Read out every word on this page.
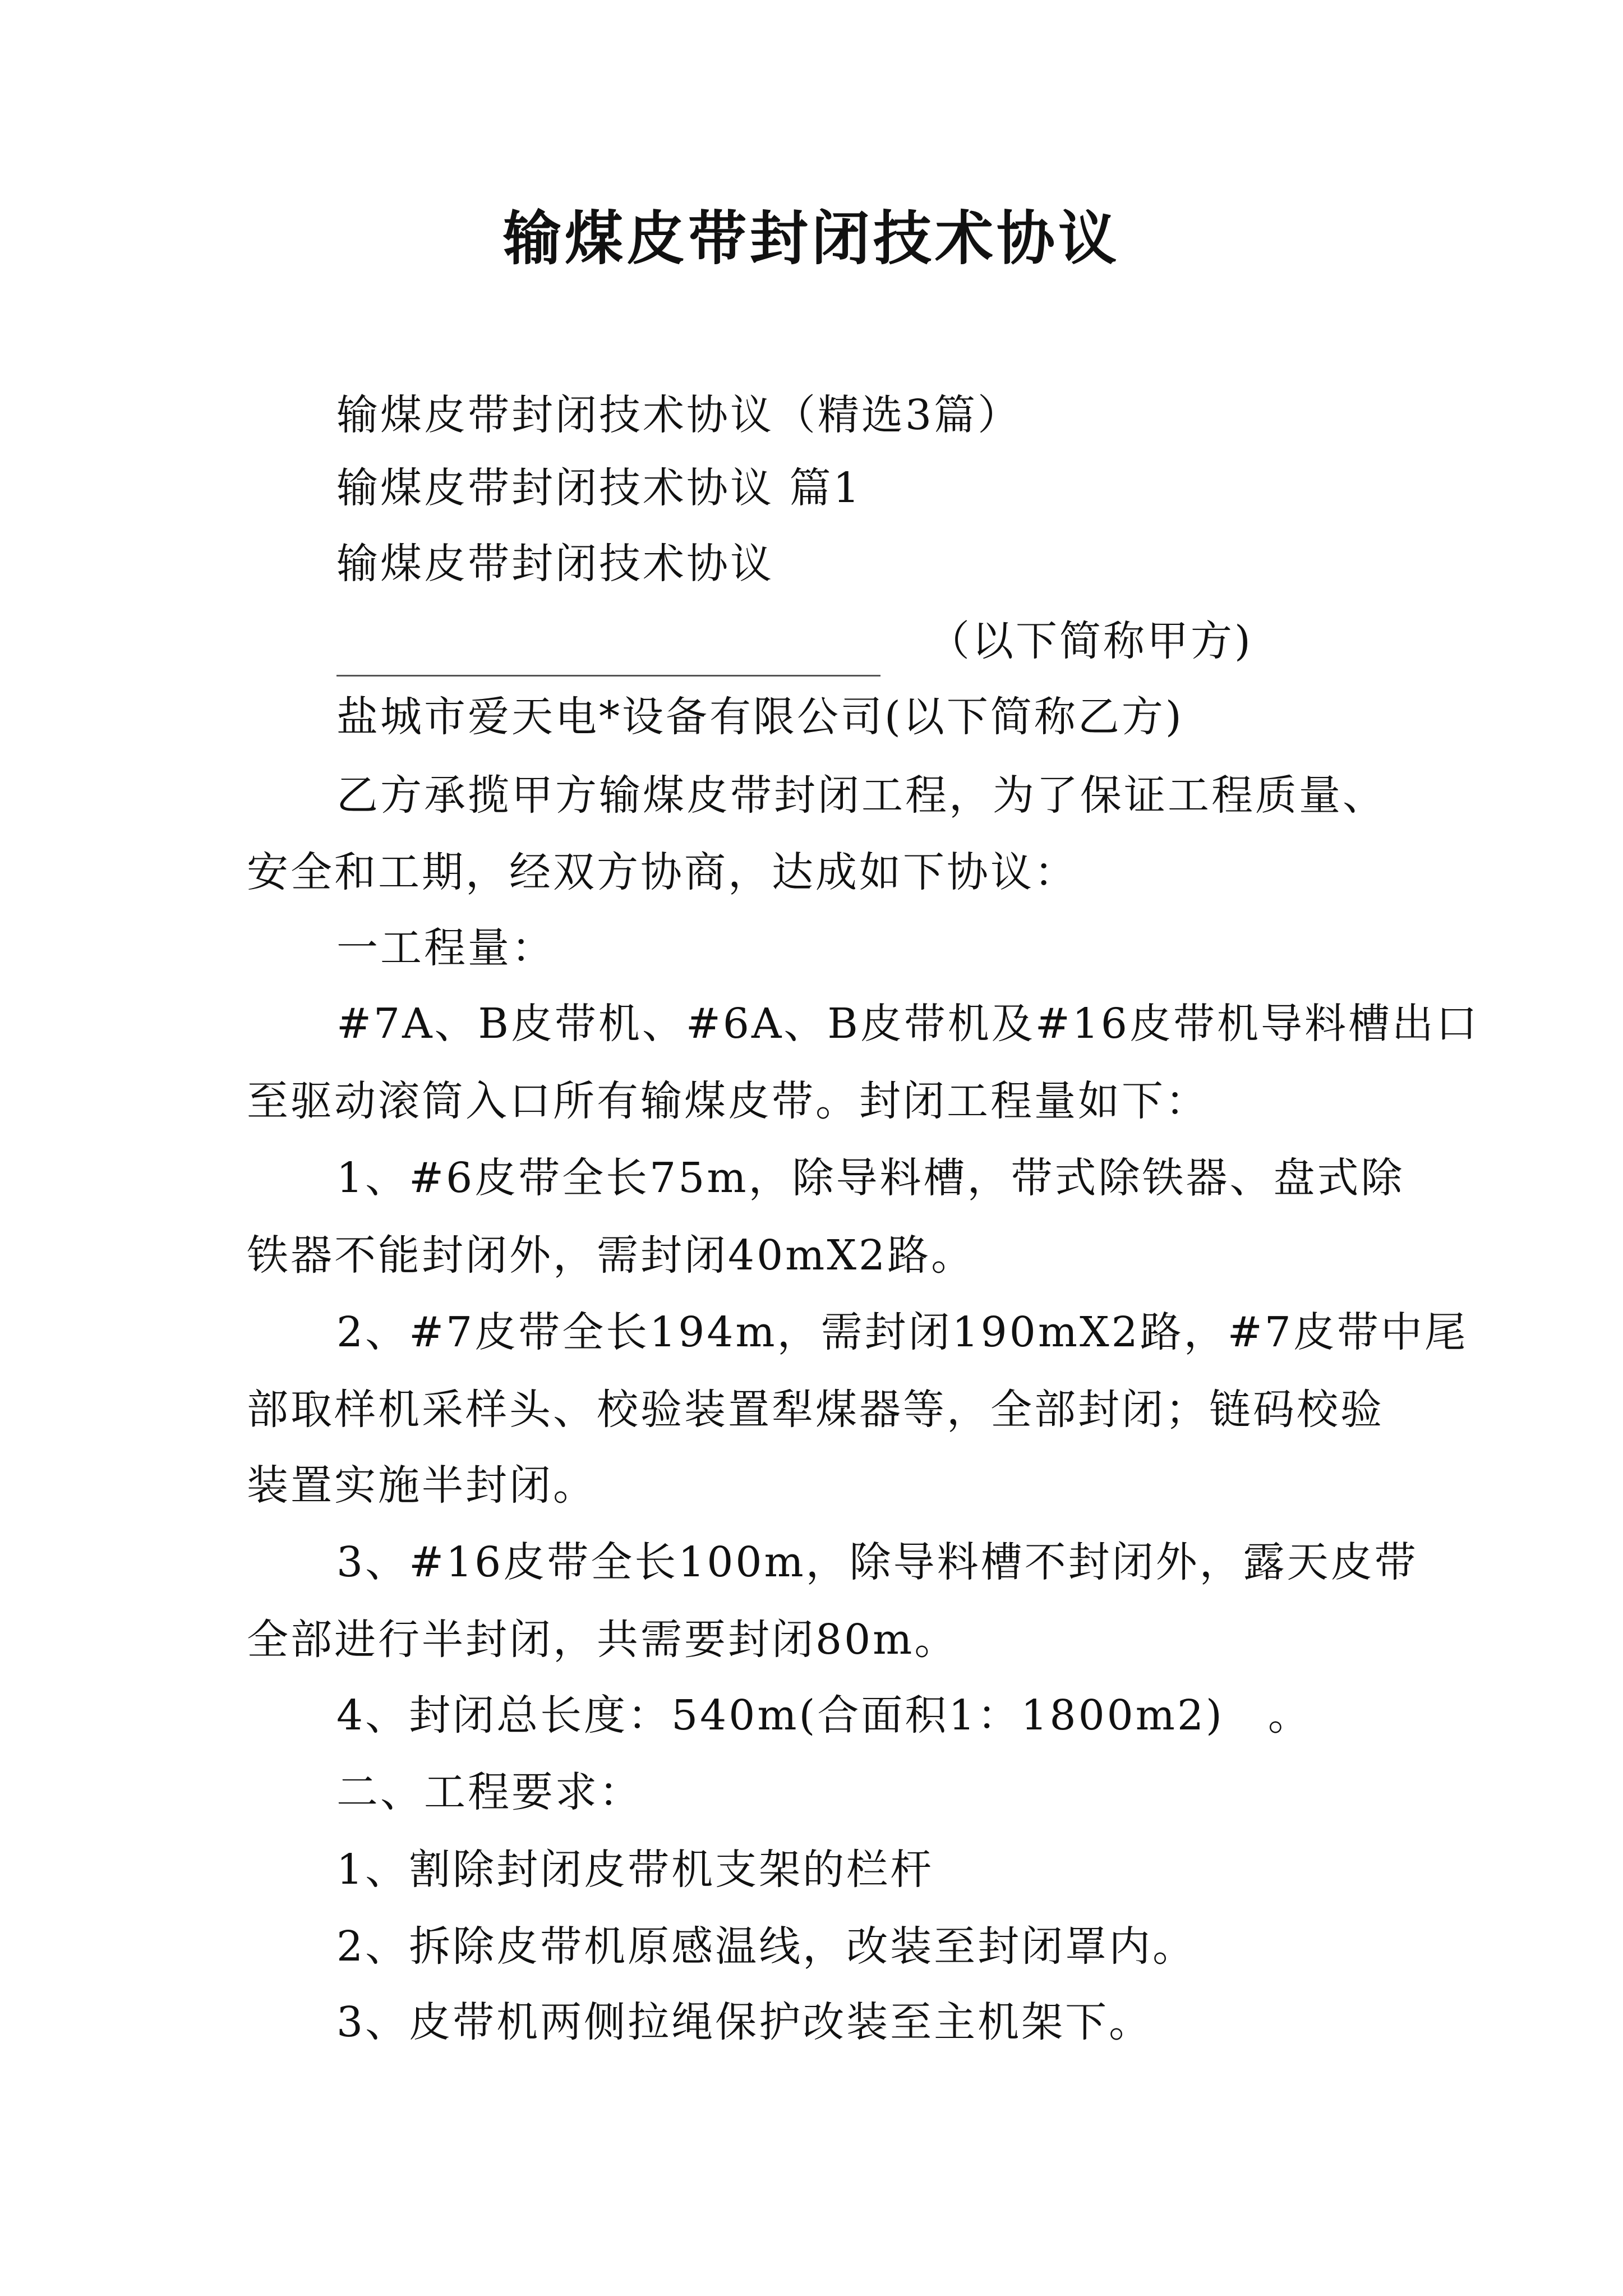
输煤皮带封闭技术协议
输煤皮带封闭技术协议（精选3篇）
输煤皮带封闭技术协议 篇1
输煤皮带封闭技术协议
（以下简称甲方)
盐城市爱天电*设备有限公司(以下简称乙方)
乙方承揽甲方输煤皮带封闭工程，为了保证工程质量、
安全和工期，经双方协商，达成如下协议：
一工程量：
#7A、B皮带机、#6A、B皮带机及#16皮带机导料槽出口
至驱动滚筒入口所有输煤皮带。封闭工程量如下：
1、#6皮带全长75m，除导料槽，带式除铁器、盘式除
铁器不能封闭外，需封闭40mX2路。
2、#7皮带全长194m，需封闭190mX2路，#7皮带中尾
部取样机采样头、校验装置犁煤器等，全部封闭；链码校验
装置实施半封闭。
3、#16皮带全长100m，除导料槽不封闭外，露天皮带
全部进行半封闭，共需要封闭80m。
4、封闭总长度：540m(合面积1：1800m2)　。
二、工程要求：
1、割除封闭皮带机支架的栏杆
2、拆除皮带机原感温线，改装至封闭罩内。
3、皮带机两侧拉绳保护改装至主机架下。
